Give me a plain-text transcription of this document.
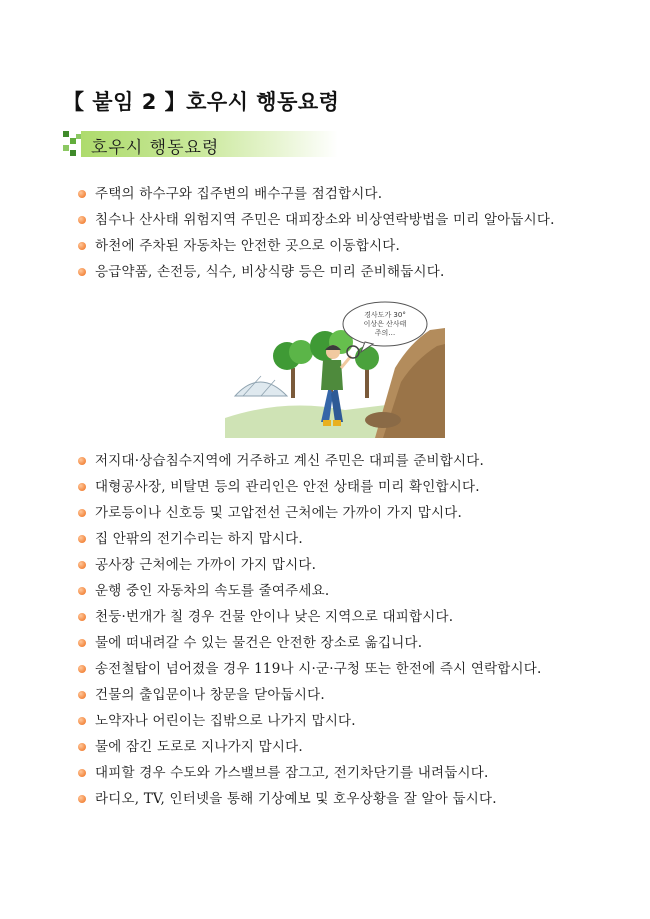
【 붙임 2 】호우시 행동요령
호우시 행동요령
주택의 하수구와 집주변의 배수구를 점검합시다.
침수나 산사태 위험지역 주민은 대피장소와 비상연락방법을 미리 알아둡시다.
하천에 주차된 자동차는 안전한 곳으로 이동합시다.
응급약품, 손전등, 식수, 비상식량 등은 미리 준비해둡시다.
경사도가 30°
이상은 산사태
주의…
저지대·상습침수지역에 거주하고 계신 주민은 대피를 준비합시다.
대형공사장, 비탈면 등의 관리인은 안전 상태를 미리 확인합시다.
가로등이나 신호등 및 고압전선 근처에는 가까이 가지 맙시다.
집 안팎의 전기수리는 하지 맙시다.
공사장 근처에는 가까이 가지 맙시다.
운행 중인 자동차의 속도를 줄여주세요.
천둥·번개가 칠 경우 건물 안이나 낮은 지역으로 대피합시다.
물에 떠내려갈 수 있는 물건은 안전한 장소로 옮깁니다.
송전철탑이 넘어졌을 경우 119나 시·군·구청 또는 한전에 즉시 연락합시다.
건물의 출입문이나 창문을 닫아둡시다.
노약자나 어린이는 집밖으로 나가지 맙시다.
물에 잠긴 도로로 지나가지 맙시다.
대피할 경우 수도와 가스밸브를 잠그고, 전기차단기를 내려둡시다.
라디오, TV, 인터넷을 통해 기상예보 및 호우상황을 잘 알아 둡시다.
